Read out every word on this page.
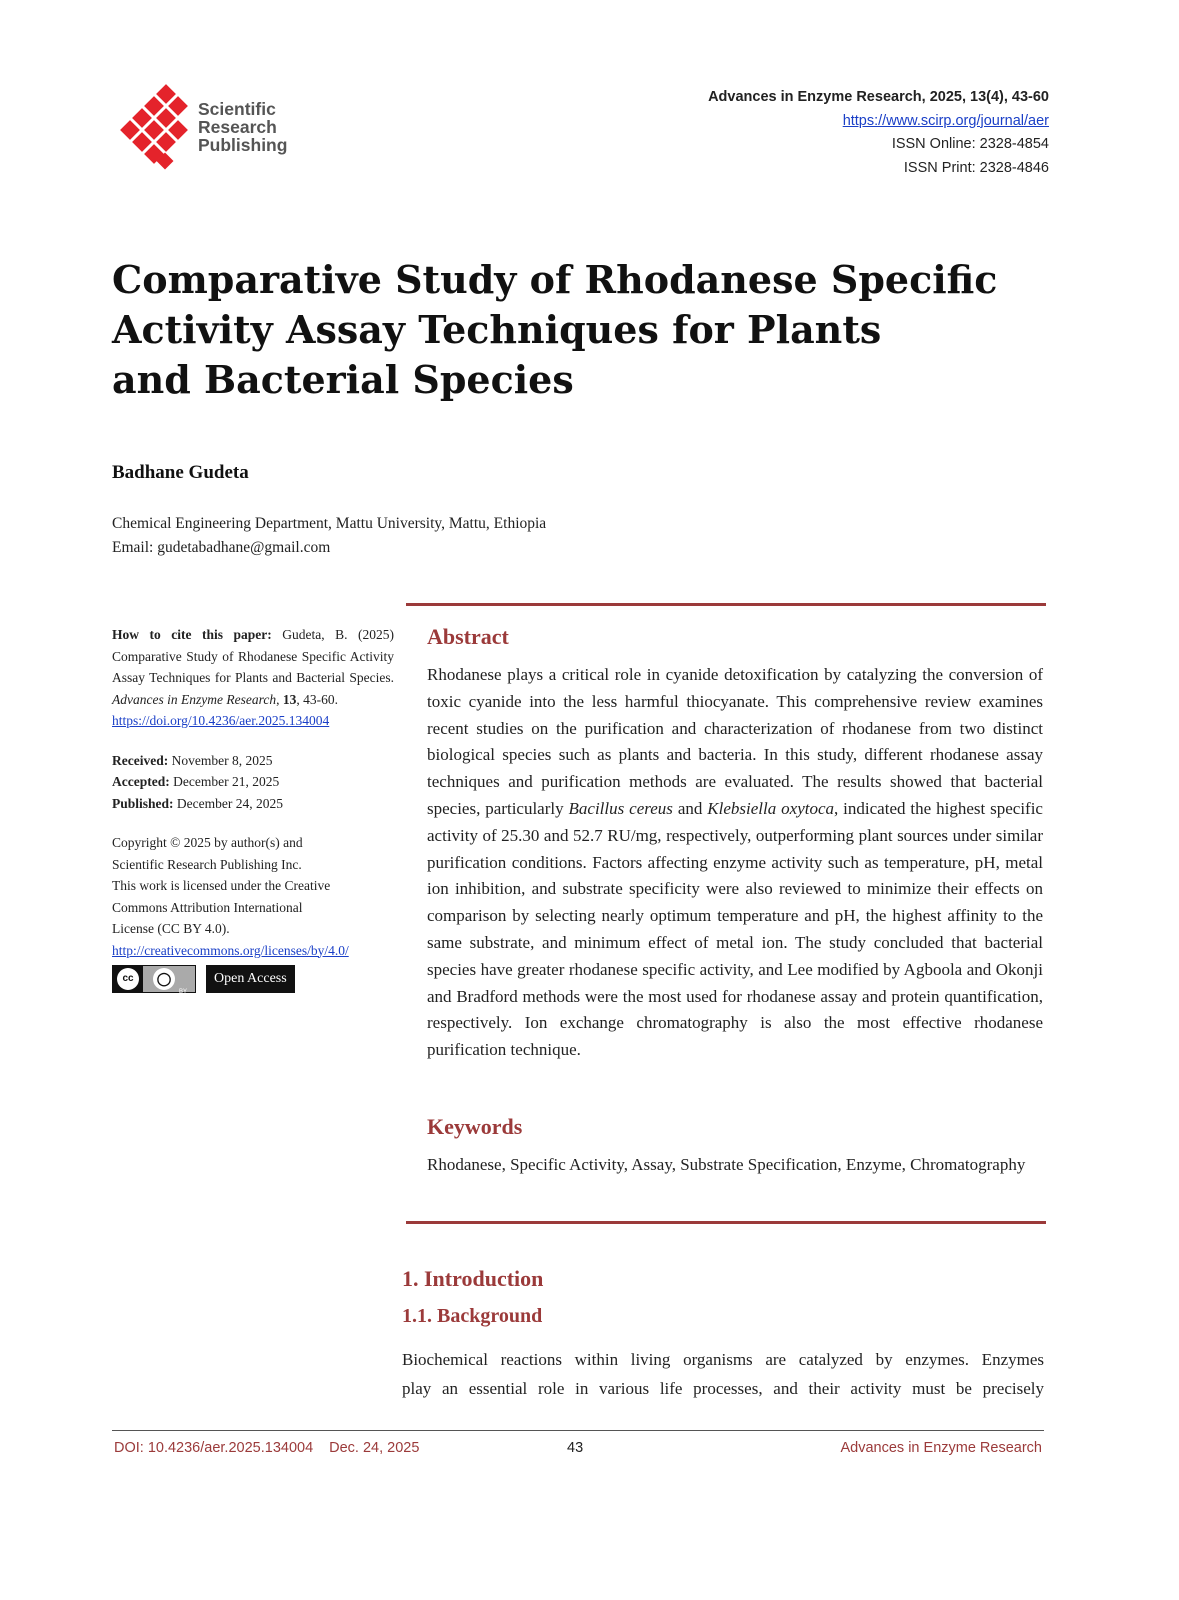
Scientific
Research
Publishing
Advances in Enzyme Research, 2025, 13(4), 43-60
https://www.scirp.org/journal/aer
ISSN Online: 2328-4854
ISSN Print: 2328-4846
Comparative Study of Rhodanese Specific
Activity Assay Techniques for Plants
and Bacterial Species

Badhane Gudeta

Chemical Engineering Department, Mattu University, Mattu, Ethiopia
Email: gudetabadhane@gmail.com

How to cite this paper: Gudeta, B. (2025) Comparative Study of Rhodanese Specific Activity Assay Techniques for Plants and Bacterial Species. Advances in Enzyme Research, 13, 43-60.
https://doi.org/10.4236/aer.2025.134004

Received: November 8, 2025
Accepted: December 21, 2025
Published: December 24, 2025
Copyright © 2025 by author(s) and
Scientific Research Publishing Inc.
This work is licensed under the Creative
Commons Attribution International
License (CC BY 4.0).
http://creativecommons.org/licenses/by/4.0/
cc	◯
BY
Open Access
Abstract

Rhodanese plays a critical role in cyanide detoxification by catalyzing the conversion of toxic cyanide into the less harmful thiocyanate. This comprehensive review examines recent studies on the purification and characterization of rhodanese from two distinct biological species such as plants and bacteria. In this study, different rhodanese assay techniques and purification methods are evaluated. The results showed that bacterial species, particularly Bacillus cereus and Klebsiella oxytoca, indicated the highest specific activity of 25.30 and 52.7 RU/mg, respectively, outperforming plant sources under similar purification conditions. Factors affecting enzyme activity such as temperature, pH, metal ion inhibition, and substrate specificity were also reviewed to minimize their effects on comparison by selecting nearly optimum temperature and pH, the highest affinity to the same substrate, and minimum effect of metal ion. The study concluded that bacterial species have greater rhodanese specific activity, and Lee modified by Agboola and Okonji and Bradford methods were the most used for rhodanese assay and protein quantification, respectively. Ion exchange chromatography is also the most effective rhodanese purification technique.

Keywords

Rhodanese, Specific Activity, Assay, Substrate Specification, Enzyme, Chromatography

1. Introduction
1.1. Background

Biochemical reactions within living organisms are catalyzed by enzymes. Enzymes
play an essential role in various life processes, and their activity must be precisely

DOI: 10.4236/aer.2025.134004 Dec. 24, 2025	43	Advances in Enzyme Research
